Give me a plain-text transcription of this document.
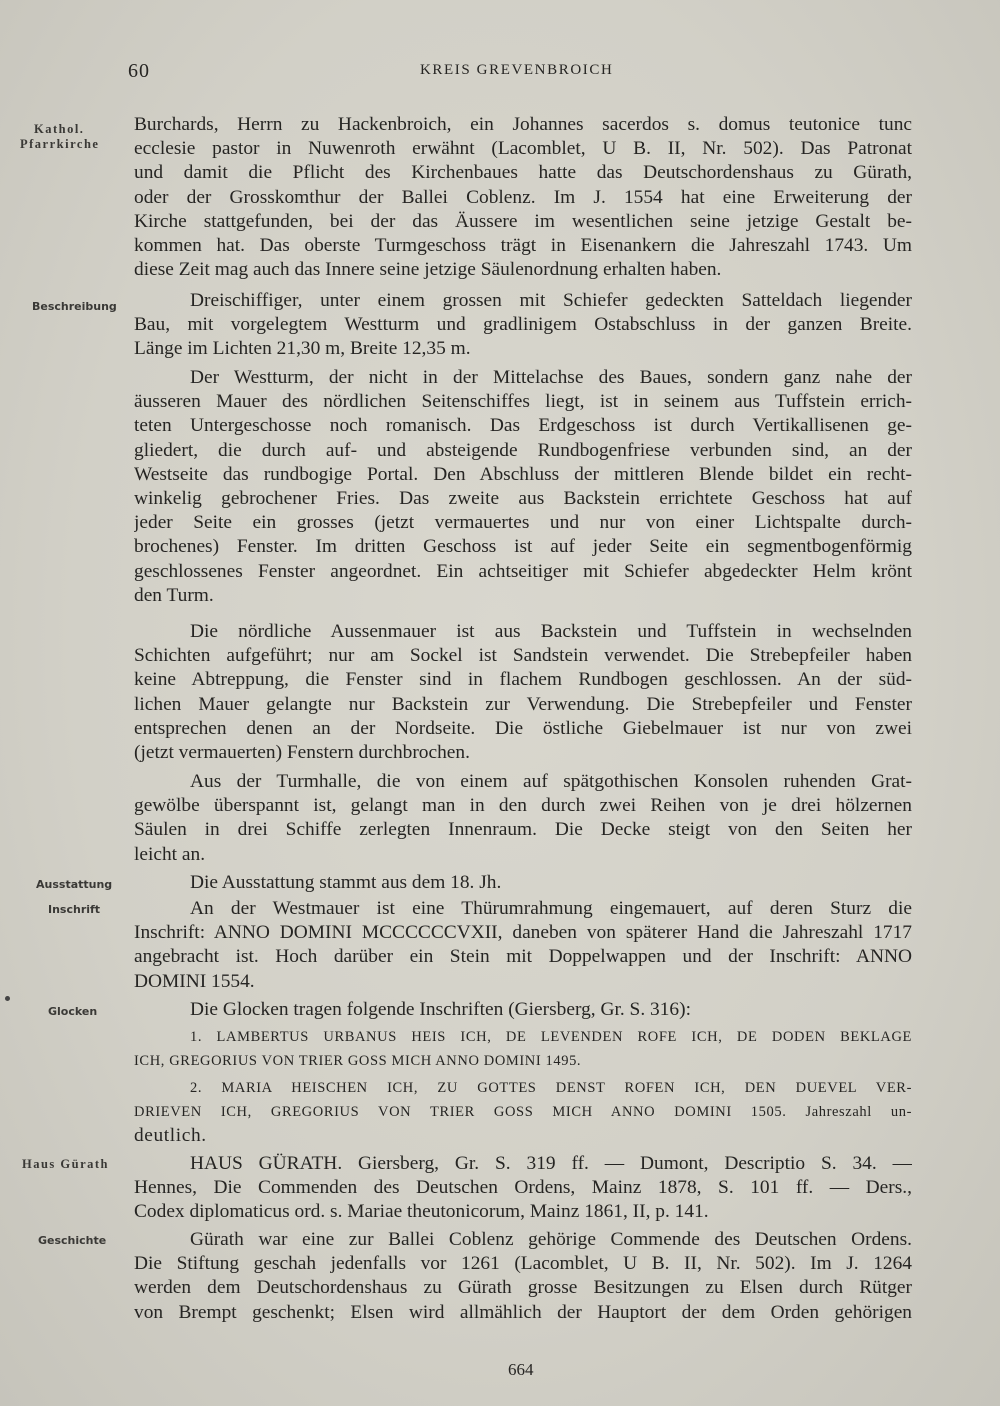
60	KREIS GREVENBROICH
Kathol.
Pfarrkirche
Beschreibung
Ausstattung
Inschrift
Glocken
Haus Gürath
Geschichte
Burchards, Herrn zu Hackenbroich, ein Johannes sacerdos s. domus teutonice tunc
ecclesie pastor in Nuwenroth erwähnt (Lacomblet, U B. II, Nr. 502). Das Patronat
und damit die Pflicht des Kirchenbaues hatte das Deutschordenshaus zu Gürath,
oder der Grosskomthur der Ballei Coblenz. Im J. 1554 hat eine Erweiterung der
Kirche stattgefunden, bei der das Äussere im wesentlichen seine jetzige Gestalt be-
kommen hat. Das oberste Turmgeschoss trägt in Eisenankern die Jahreszahl 1743. Um
diese Zeit mag auch das Innere seine jetzige Säulenordnung erhalten haben.
Dreischiffiger, unter einem grossen mit Schiefer gedeckten Satteldach liegender
Bau, mit vorgelegtem Westturm und gradlinigem Ostabschluss in der ganzen Breite.
Länge im Lichten 21,30 m, Breite 12,35 m.
Der Westturm, der nicht in der Mittelachse des Baues, sondern ganz nahe der
äusseren Mauer des nördlichen Seitenschiffes liegt, ist in seinem aus Tuffstein errich-
teten Untergeschosse noch romanisch. Das Erdgeschoss ist durch Vertikallisenen ge-
gliedert, die durch auf- und absteigende Rundbogenfriese verbunden sind, an der
Westseite das rundbogige Portal. Den Abschluss der mittleren Blende bildet ein recht-
winkelig gebrochener Fries. Das zweite aus Backstein errichtete Geschoss hat auf
jeder Seite ein grosses (jetzt vermauertes und nur von einer Lichtspalte durch-
brochenes) Fenster. Im dritten Geschoss ist auf jeder Seite ein segmentbogenförmig
geschlossenes Fenster angeordnet. Ein achtseitiger mit Schiefer abgedeckter Helm krönt
den Turm.
Die nördliche Aussenmauer ist aus Backstein und Tuffstein in wechselnden
Schichten aufgeführt; nur am Sockel ist Sandstein verwendet. Die Strebepfeiler haben
keine Abtreppung, die Fenster sind in flachem Rundbogen geschlossen. An der süd-
lichen Mauer gelangte nur Backstein zur Verwendung. Die Strebepfeiler und Fenster
entsprechen denen an der Nordseite. Die östliche Giebelmauer ist nur von zwei
(jetzt vermauerten) Fenstern durchbrochen.
Aus der Turmhalle, die von einem auf spätgothischen Konsolen ruhenden Grat-
gewölbe überspannt ist, gelangt man in den durch zwei Reihen von je drei hölzernen
Säulen in drei Schiffe zerlegten Innenraum. Die Decke steigt von den Seiten her
leicht an.
Die Ausstattung stammt aus dem 18. Jh.
An der Westmauer ist eine Thürumrahmung eingemauert, auf deren Sturz die
Inschrift: ANNO DOMINI MCCCCCCVXII, daneben von späterer Hand die Jahreszahl 1717
angebracht ist. Hoch darüber ein Stein mit Doppelwappen und der Inschrift: ANNO
DOMINI 1554.
Die Glocken tragen folgende Inschriften (Giersberg, Gr. S. 316):
1. LAMBERTUS URBANUS HEIS ICH, DE LEVENDEN ROFE ICH, DE DODEN BEKLAGE
ICH, GREGORIUS VON TRIER GOSS MICH ANNO DOMINI 1495.
2. MARIA HEISCHEN ICH, ZU GOTTES DENST ROFEN ICH, DEN DUEVEL VER-
DRIEVEN ICH, GREGORIUS VON TRIER GOSS MICH ANNO DOMINI 1505. Jahreszahl un-
deutlich.
HAUS GÜRATH. Giersberg, Gr. S. 319 ff. — Dumont, Descriptio S. 34. —
Hennes, Die Commenden des Deutschen Ordens, Mainz 1878, S. 101 ff. — Ders.,
Codex diplomaticus ord. s. Mariae theutonicorum, Mainz 1861, II, p. 141.
Gürath war eine zur Ballei Coblenz gehörige Commende des Deutschen Ordens.
Die Stiftung geschah jedenfalls vor 1261 (Lacomblet, U B. II, Nr. 502). Im J. 1264
werden dem Deutschordenshaus zu Gürath grosse Besitzungen zu Elsen durch Rütger
von Brempt geschenkt; Elsen wird allmählich der Hauptort der dem Orden gehörigen
664
